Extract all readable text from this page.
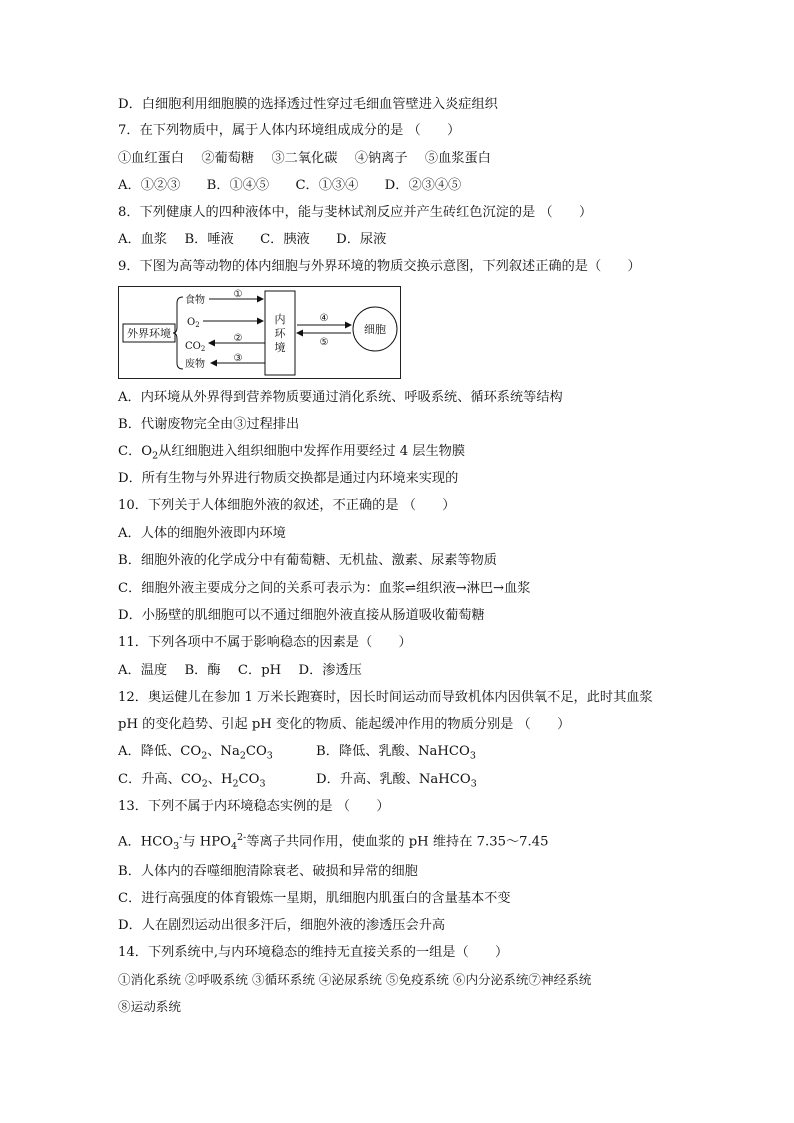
D．白细胞利用细胞膜的选择透过性穿过毛细血管壁进入炎症组织
7．在下列物质中，属于人体内环境组成成分的是 （　　）
①血红蛋白　 ②葡萄糖　 ③二氧化碳　 ④钠离子　 ⑤血浆蛋白
A．①②③　　B．①④⑤　　C．①③④　　D．②③④⑤
8．下列健康人的四种液体中，能与斐林试剂反应并产生砖红色沉淀的是 （　　）
A．血浆　 B．唾液　　C．胰液　　D．尿液
9．下图为高等动物的体内细胞与外界环境的物质交换示意图，下列叙述正确的是（　　）
外界环境
食物
$O_2$
$CO_2$
废物
①
②
③
内
环
境
④
⑤
细胞
A．内环境从外界得到营养物质要通过消化系统、呼吸系统、循环系统等结构
B．代谢废物完全由③过程排出
C．$O_2$从红细胞进入组织细胞中发挥作用要经过 4 层生物膜
D．所有生物与外界进行物质交换都是通过内环境来实现的
10．下列关于人体细胞外液的叙述，不正确的是 （　　）
A．人体的细胞外液即内环境
B．细胞外液的化学成分中有葡萄糖、无机盐、激素、尿素等物质
C．细胞外液主要成分之间的关系可表示为：血浆⇌组织液→淋巴→血浆
D．小肠壁的肌细胞可以不通过细胞外液直接从肠道吸收葡萄糖
11．下列各项中不属于影响稳态的因素是（　　）
A．温度　 B．酶　 C．pH　 D．渗透压
12．奥运健儿在参加 1 万米长跑赛时，因长时间运动而导致机体内因供氧不足，此时其血浆
pH 的变化趋势、引起 pH 变化的物质、能起缓冲作用的物质分别是 （　　）
A．降低、$CO_2$、$Na_2CO_3$	B．降低、乳酸、NaHCO$_3$
C．升高、$CO_2$、$H_2CO_3$	D．升高、乳酸、NaHCO$_3$
13．下列不属于内环境稳态实例的是 （　　）
A．$HCO_3^-$与 $HPO_4^{2-}$等离子共同作用，使血浆的 pH 维持在 7.35～7.45
B．人体内的吞噬细胞清除衰老、破损和异常的细胞
C．进行高强度的体育锻炼一星期，肌细胞内肌蛋白的含量基本不变
D．人在剧烈运动出很多汗后，细胞外液的渗透压会升高
14．下列系统中,与内环境稳态的维持无直接关系的一组是（　　）
①消化系统 ②呼吸系统 ③循环系统 ④泌尿系统 ⑤免疫系统 ⑥内分泌系统⑦神经系统
⑧运动系统
